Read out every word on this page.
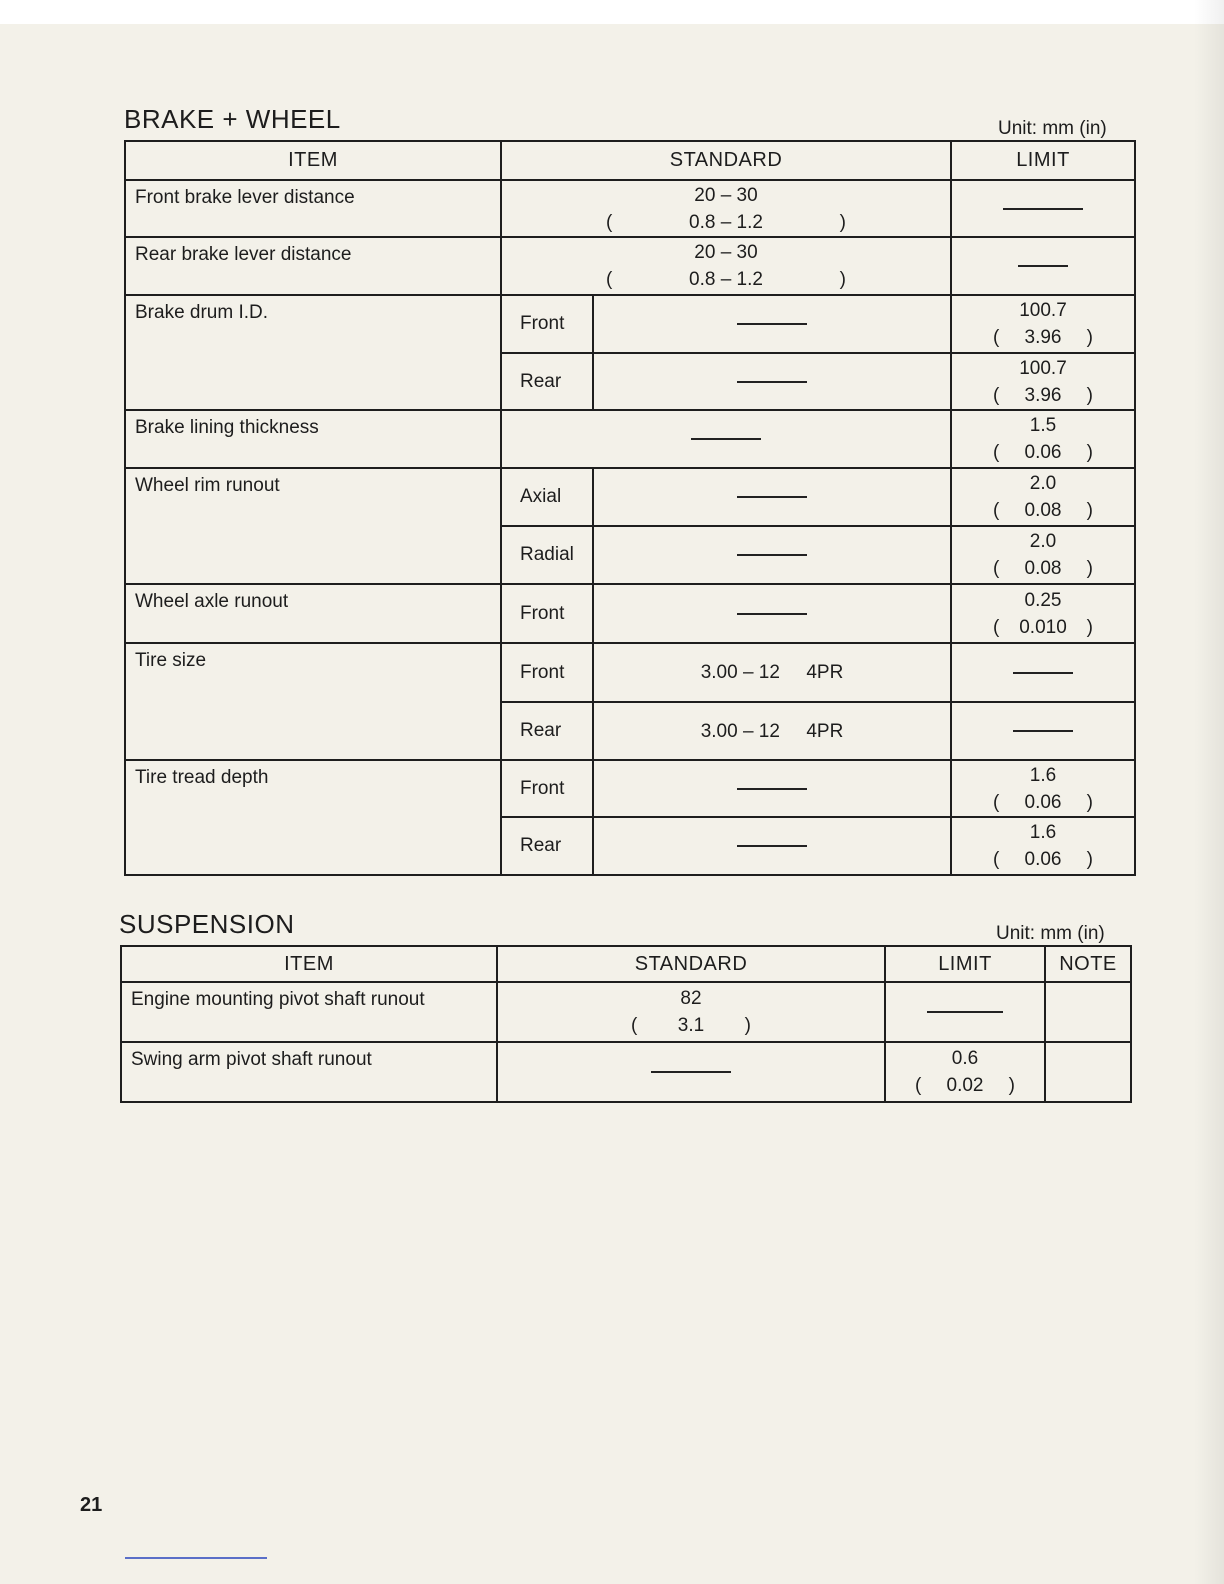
BRAKE + WHEEL	Unit: mm (in)
ITEM	STANDARD		LIMIT
Front brake lever distance	20 – 30
( 0.8 – 1.2 )		

Rear brake lever distance	20 – 30
( 0.8 – 1.2 )		

Brake drum I.D.	Front		100.7
( 3.96 )

	Rear		100.7
( 3.96 )

Brake lining thickness			1.5
( 0.06 )

Wheel rim runout	Axial		2.0
( 0.08 )

	Radial		2.0
( 0.08 )

Wheel axle runout	Front		0.25
( 0.010 )

Tire size	Front	3.00 – 12 4PR	
	Rear	3.00 – 12 4PR	
Tire tread depth	Front		1.6
( 0.06 )

	Rear		1.6
( 0.06 )
SUSPENSION	Unit: mm (in)
ITEM	STANDARD	LIMIT	NOTE
Engine mounting pivot shaft runout	82
( 3.1 )		

Swing arm pivot shaft runout		0.6
( 0.02 )	

21
